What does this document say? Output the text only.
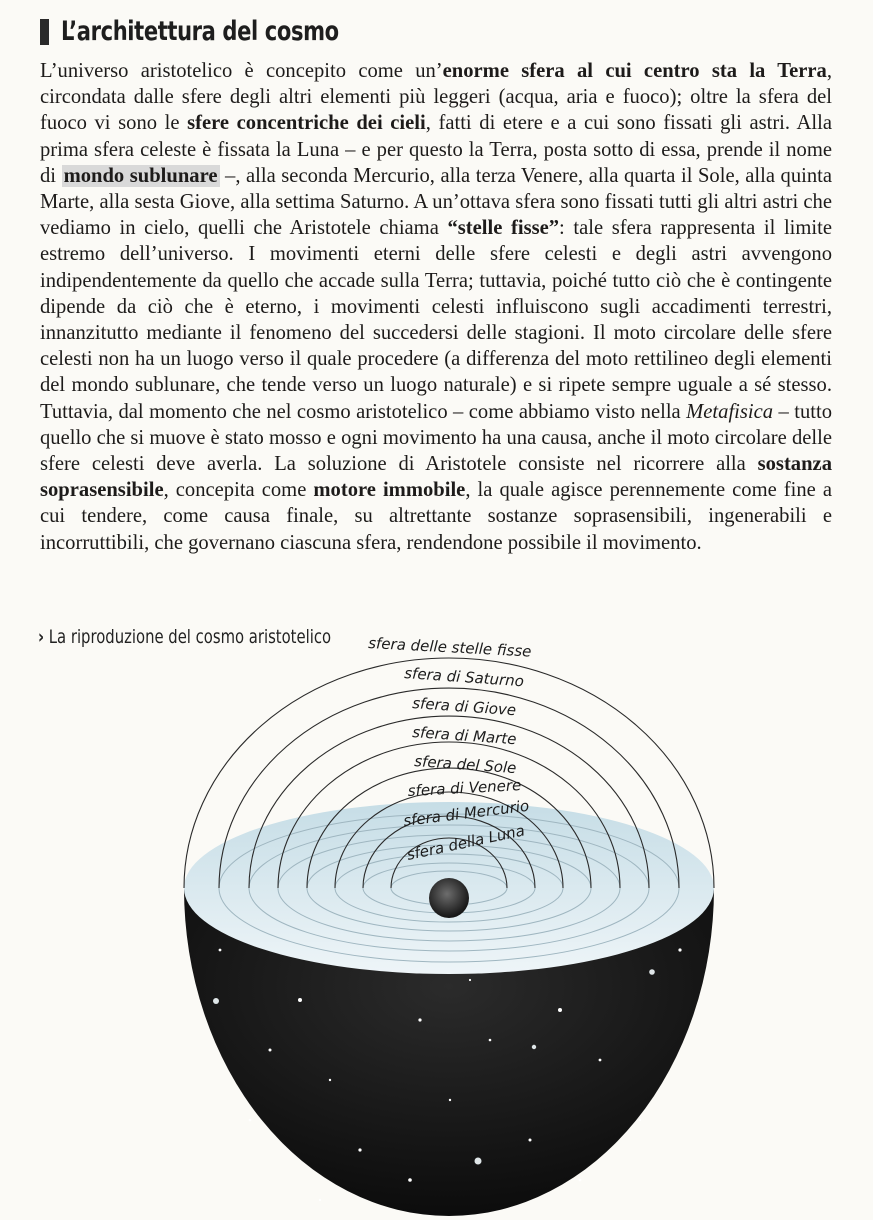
L’architettura del cosmo
L’universo aristotelico è concepito come un’enorme sfera al cui centro sta la Terra, circondata dalle sfere degli altri elementi più leggeri (acqua, aria e fuoco); oltre la sfera del fuoco vi sono le sfere concentriche dei cieli, fatti di etere e a cui sono fissati gli astri. Alla prima sfera celeste è fissata la Luna – e per questo la Terra, posta sotto di essa, prende il nome di mondo sublunare –, alla seconda Mercurio, alla terza Venere, alla quarta il Sole, alla quinta Marte, alla sesta Giove, alla settima Saturno. A un’ottava sfera sono fissati tutti gli altri astri che vediamo in cielo, quelli che Aristotele chiama “stelle fisse”: tale sfera rappresenta il limite estremo dell’universo. I movimenti eterni delle sfere celesti e degli astri avvengono indipendentemente da quello che accade sulla Terra; tuttavia, poiché tutto ciò che è contingente dipende da ciò che è eterno, i movimenti celesti influiscono sugli accadimenti terrestri, innanzitutto mediante il fenomeno del succedersi delle stagioni. Il moto circolare delle sfere celesti non ha un luogo verso il quale procedere (a differenza del moto rettilineo degli elementi del mondo sublunare, che tende verso un luogo naturale) e si ripete sempre uguale a sé stesso. Tuttavia, dal momento che nel cosmo aristotelico – come abbiamo visto nella Metafisica – tutto quello che si muove è stato mosso e ogni movimento ha una causa, anche il moto circolare delle sfere celesti deve averla. La soluzione di Aristotele consiste nel ricorrere alla sostanza soprasensibile, concepita come motore immobile, la quale agisce perennemente come fine a cui tendere, come causa finale, su altrettante sostanze soprasensibili, ingenerabili e incorruttibili, che governano ciascuna sfera, rendendone possibile il movimento.
sfera delle stelle fisse
sfera di Saturno
sfera di Giove
sfera di Marte
sfera del Sole
sfera di Venere
sfera di Mercurio
sfera della Luna
› La riproduzione del cosmo aristotelico
